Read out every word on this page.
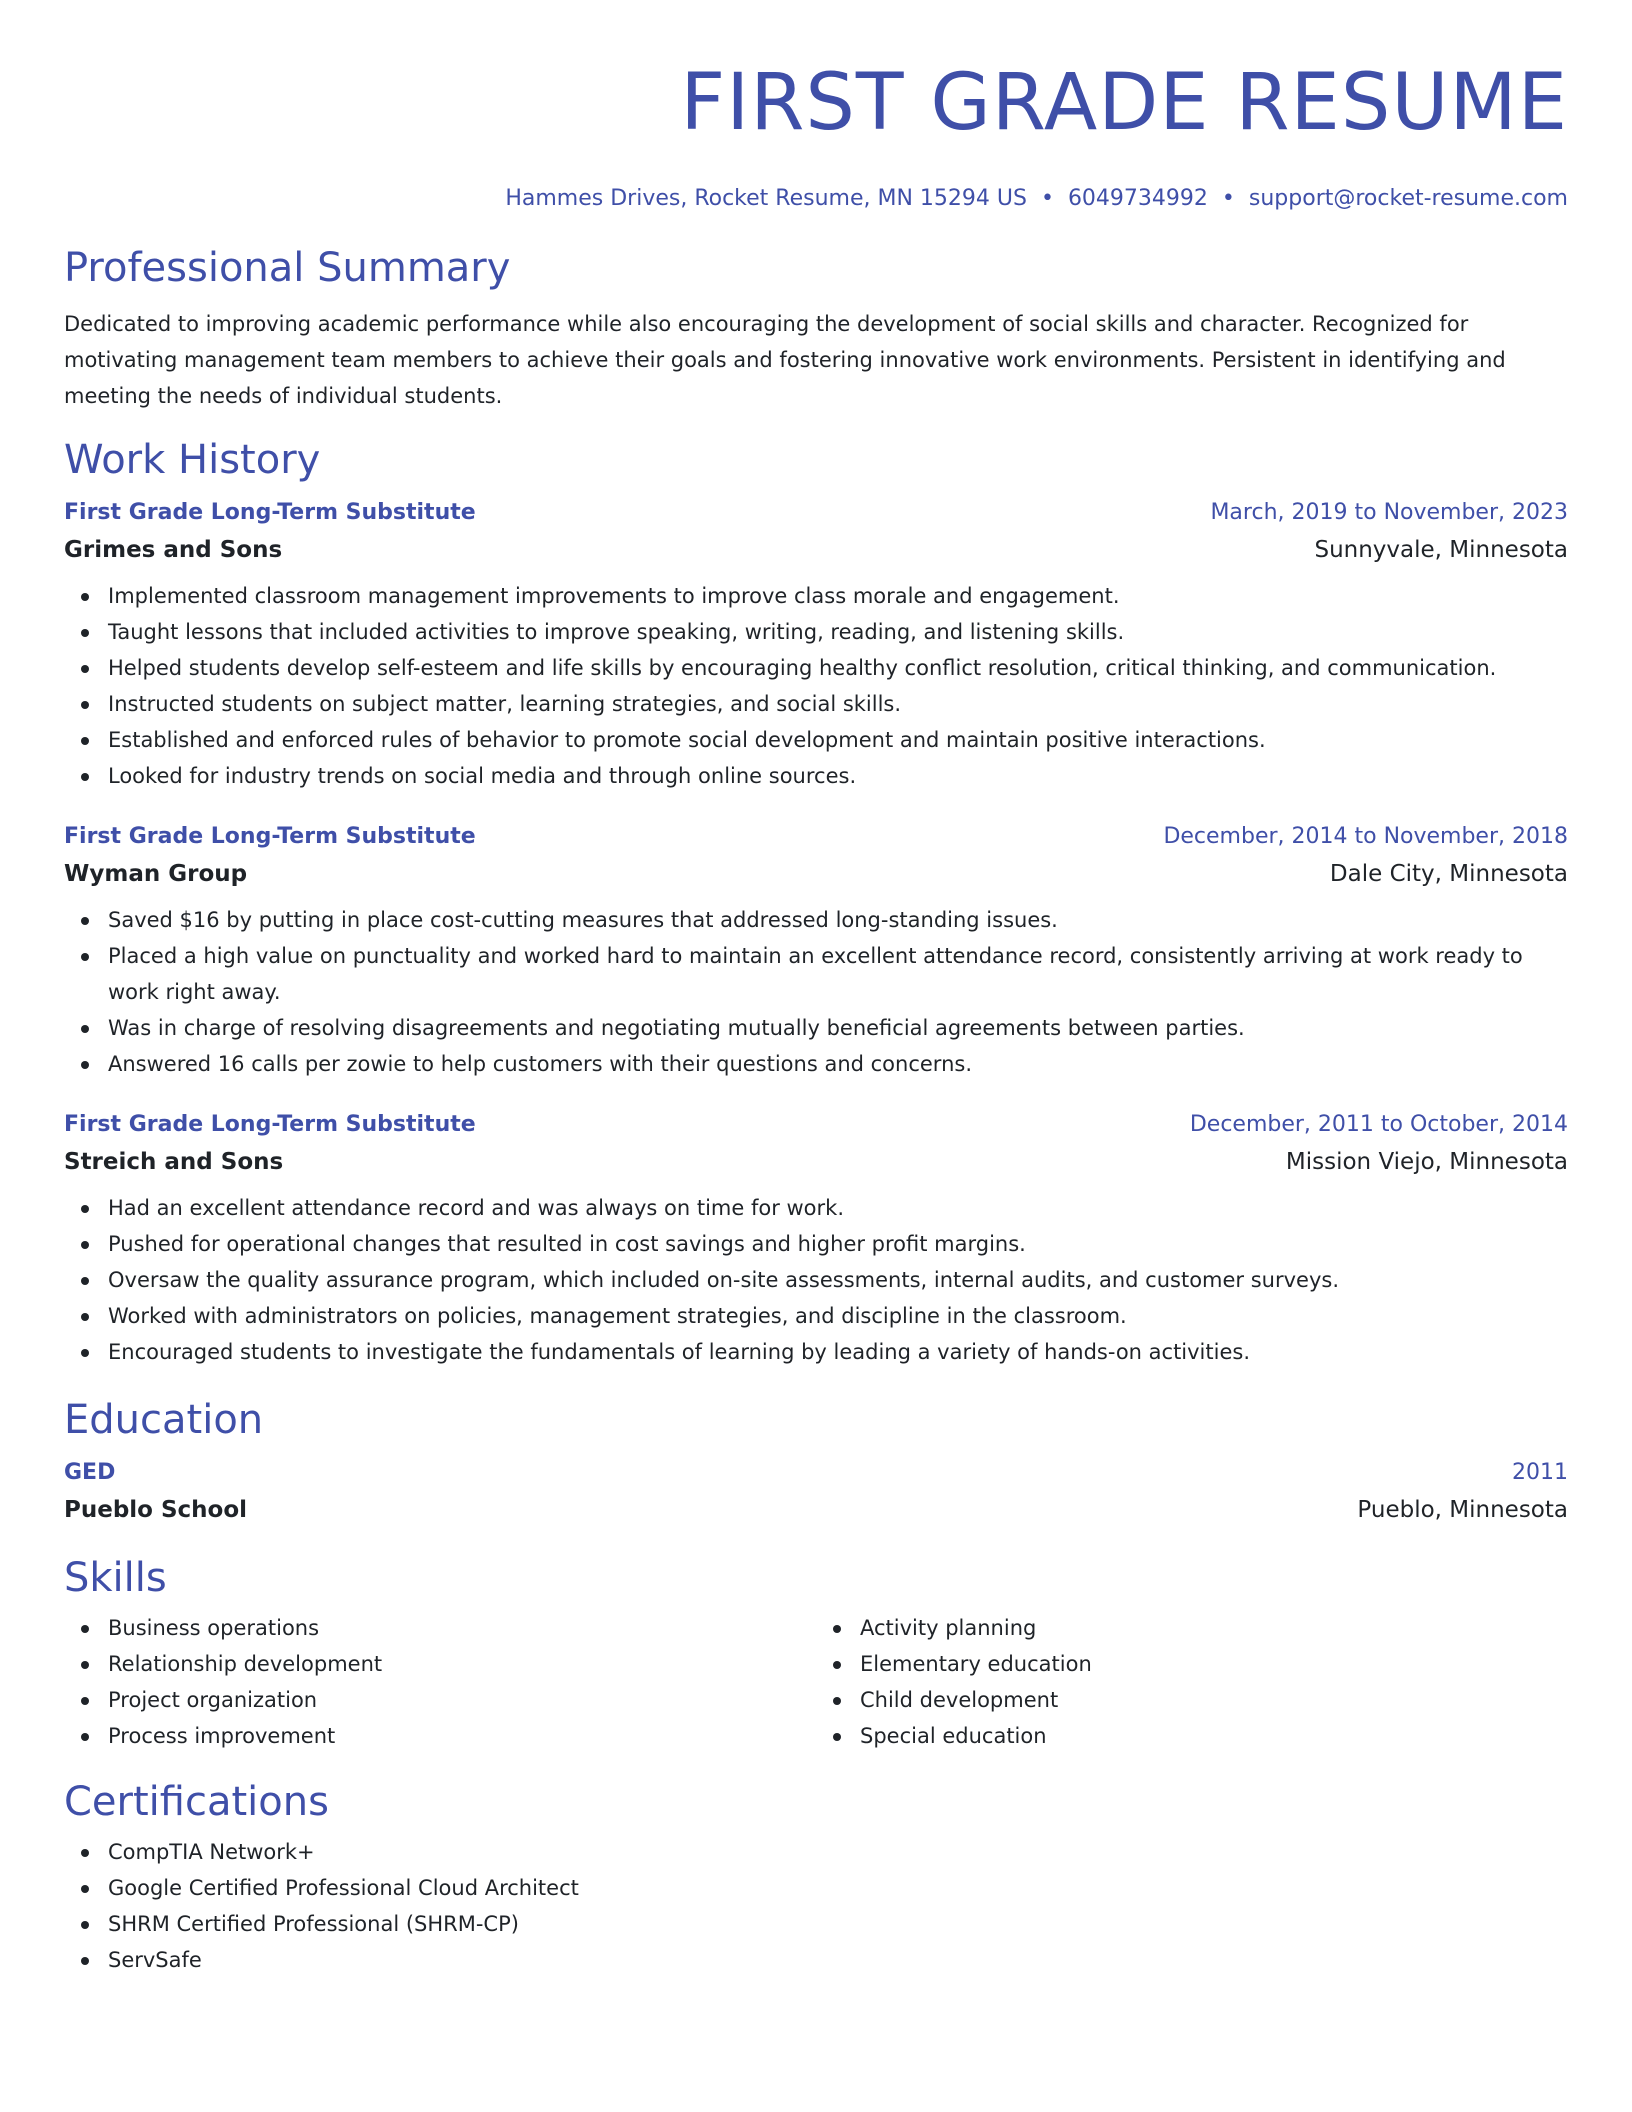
FIRST GRADE RESUME
Hammes Drives, Rocket Resume, MN 15294 US • 6049734992 • support@rocket-resume.com
Professional Summary

Dedicated to improving academic performance while also encouraging the development of social skills and character. Recognized for motivating management team members to achieve their goals and fostering innovative work environments. Persistent in identifying and meeting the needs of individual students.

Work History
First Grade Long-Term Substitute	March, 2019 to November, 2023
Grimes and Sons	Sunnyvale, Minnesota
Implemented classroom management improvements to improve class morale and engagement.
Taught lessons that included activities to improve speaking, writing, reading, and listening skills.
Helped students develop self-esteem and life skills by encouraging healthy conflict resolution, critical thinking, and communication.
Instructed students on subject matter, learning strategies, and social skills.
Established and enforced rules of behavior to promote social development and maintain positive interactions.
Looked for industry trends on social media and through online sources.
First Grade Long-Term Substitute	December, 2014 to November, 2018
Wyman Group	Dale City, Minnesota
Saved $16 by putting in place cost-cutting measures that addressed long-standing issues.
Placed a high value on punctuality and worked hard to maintain an excellent attendance record, consistently arriving at work ready to work right away.
Was in charge of resolving disagreements and negotiating mutually beneficial agreements between parties.
Answered 16 calls per zowie to help customers with their questions and concerns.
First Grade Long-Term Substitute	December, 2011 to October, 2014
Streich and Sons	Mission Viejo, Minnesota
Had an excellent attendance record and was always on time for work.
Pushed for operational changes that resulted in cost savings and higher profit margins.
Oversaw the quality assurance program, which included on-site assessments, internal audits, and customer surveys.
Worked with administrators on policies, management strategies, and discipline in the classroom.
Encouraged students to investigate the fundamentals of learning by leading a variety of hands-on activities.
Education
GED	2011
Pueblo School	Pueblo, Minnesota
Skills
Business operations
Relationship development
Project organization
Process improvement
Activity planning
Elementary education
Child development
Special education
Certifications
CompTIA Network+
Google Certified Professional Cloud Architect
SHRM Certified Professional (SHRM-CP)
ServSafe
